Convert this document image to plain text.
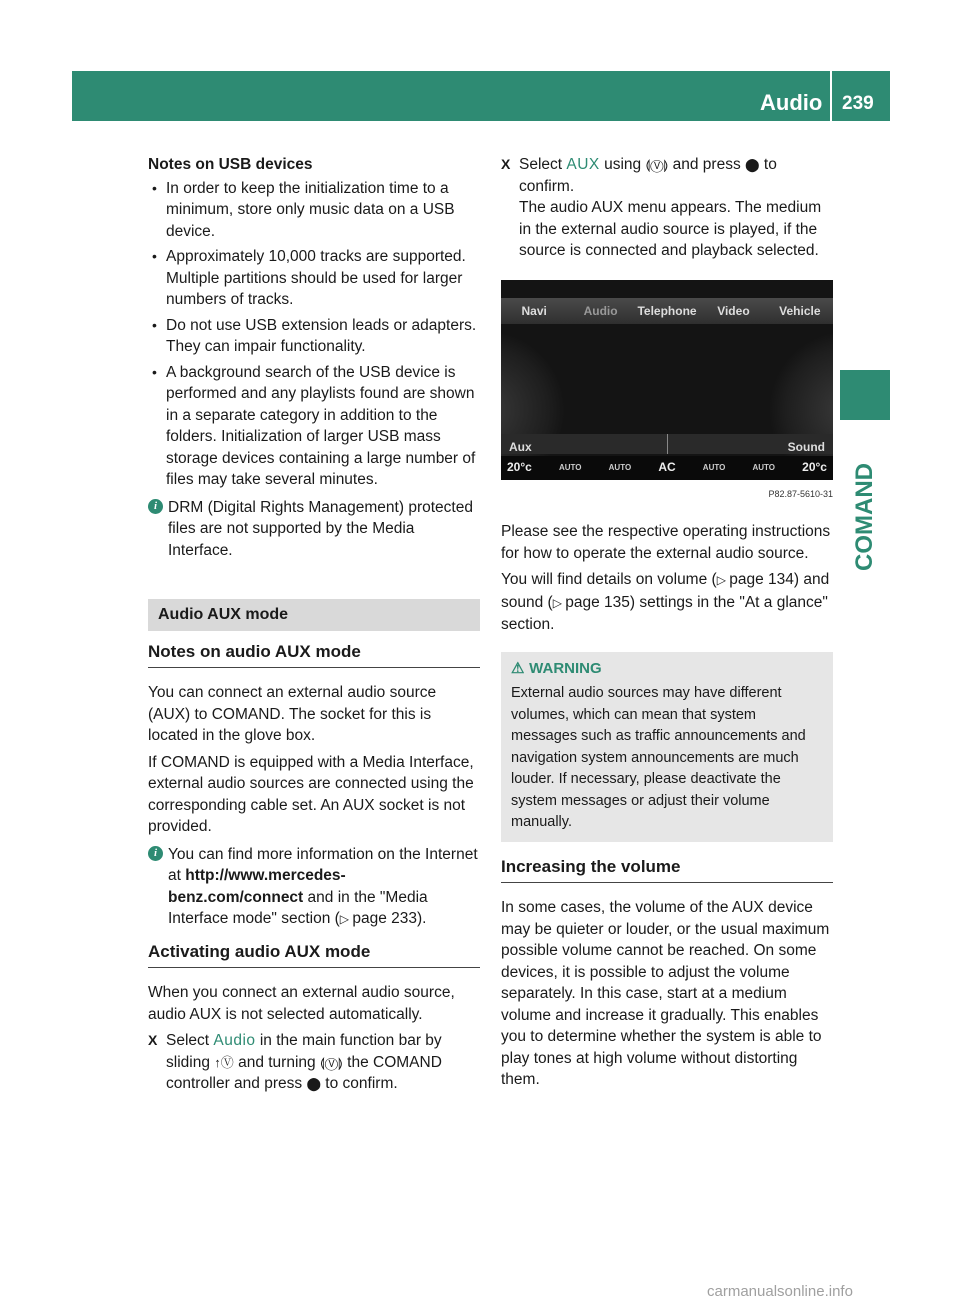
Audio 239
COMAND

Notes on USB devices

• In order to keep the initialization time to a minimum, store only music data on a USB device.
• Approximately 10,000 tracks are supported. Multiple partitions should be used for larger numbers of tracks.
• Do not use USB extension leads or adapters. They can impair functionality.
• A background search of the USB device is performed and any playlists found are shown in a separate category in addition to the folders. Initialization of larger USB mass storage devices containing a large number of files may take several minutes.
i DRM (Digital Rights Management) protected files are not supported by the Media Interface.
Audio AUX mode
Notes on audio AUX mode

You can connect an external audio source (AUX) to COMAND. The socket for this is located in the glove box.

If COMAND is equipped with a Media Interface, external audio sources are connected using the corresponding cable set. An AUX socket is not provided.

i You can find more information on the Internet at http://www.mercedes-benz.com/connect and in the "Media Interface mode" section (▷ page 233).
Activating audio AUX mode

When you connect an external audio source, audio AUX is not selected automatically.

X Select Audio in the main function bar by sliding ↑Ⓥ and turning ⟬Ⓥ⟭ the COMAND controller and press ⬤ to confirm.
X Select AUX using ⟬Ⓥ⟭ and press ⬤ to confirm.
The audio AUX menu appears. The medium in the external audio source is played, if the source is connected and playback selected.
Navi	Audio	Telephone	Video	Vehicle
Aux	Sound
20°c	AUTO	AUTO AC	AUTO	AUTO 20°c
P82.87-5610-31

Please see the respective operating instructions for how to operate the external audio source.

You will find details on volume (▷ page 134) and sound (▷ page 135) settings in the "At a glance" section.

⚠ WARNING
External audio sources may have different volumes, which can mean that system messages such as traffic announcements and navigation system announcements are much louder. If necessary, please deactivate the system messages or adjust their volume manually.
Increasing the volume

In some cases, the volume of the AUX device may be quieter or louder, or the usual maximum possible volume cannot be reached. On some devices, it is possible to adjust the volume separately. In this case, start at a medium volume and increase it gradually. This enables you to determine whether the system is able to play tones at high volume without distorting them.

carmanualsonline.info
